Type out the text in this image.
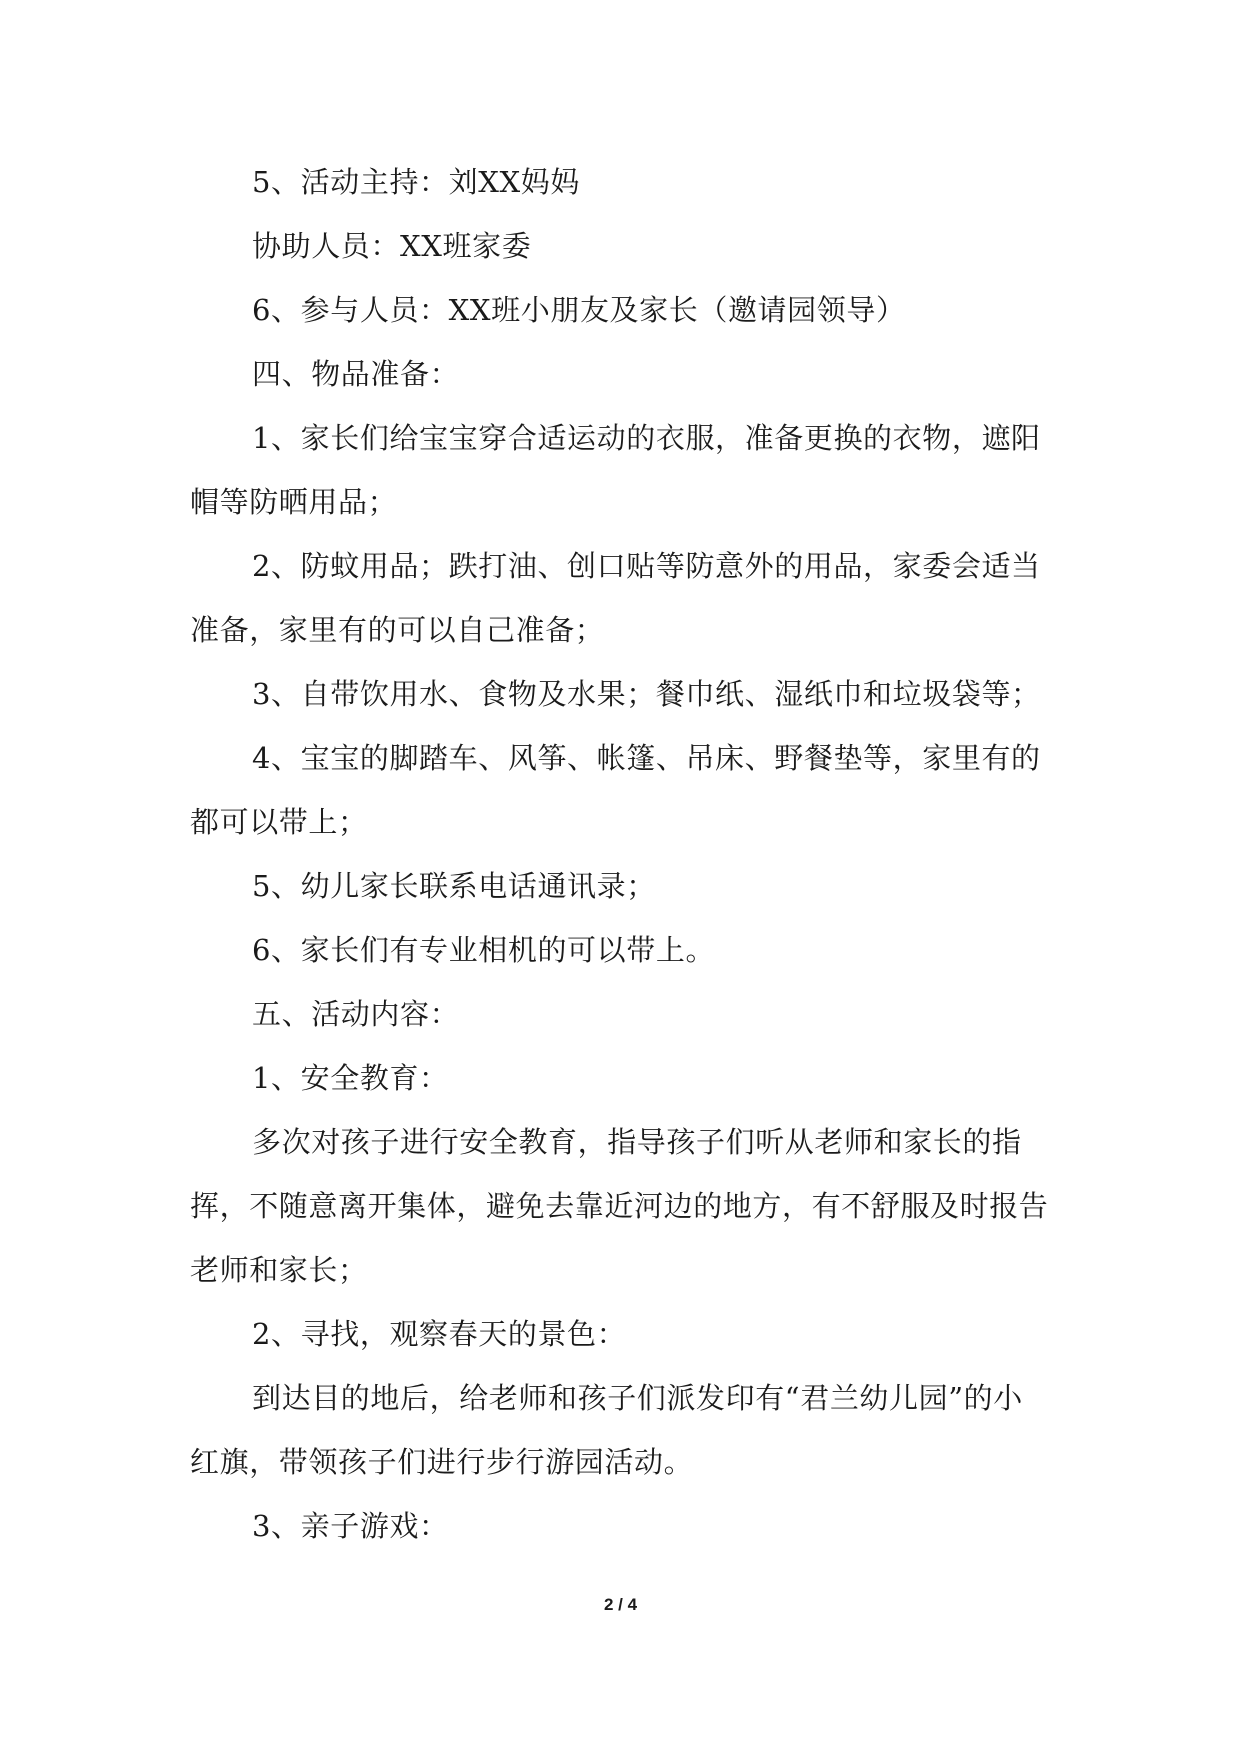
5、活动主持：刘XX妈妈

协助人员：XX班家委

6、参与人员：XX班小朋友及家长（邀请园领导）

四、物品准备：

1、家长们给宝宝穿合适运动的衣服，准备更换的衣物，遮阳帽等防晒用品；

2、防蚊用品；跌打油、创口贴等防意外的用品，家委会适当准备，家里有的可以自己准备；

3、自带饮用水、食物及水果；餐巾纸、湿纸巾和垃圾袋等；

4、宝宝的脚踏车、风筝、帐篷、吊床、野餐垫等，家里有的都可以带上；

5、幼儿家长联系电话通讯录；

6、家长们有专业相机的可以带上。

五、活动内容：

1、安全教育：

多次对孩子进行安全教育，指导孩子们听从老师和家长的指挥，不随意离开集体，避免去靠近河边的地方，有不舒服及时报告老师和家长；

2、寻找，观察春天的景色：

到达目的地后，给老师和孩子们派发印有“君兰幼儿园”的小红旗，带领孩子们进行步行游园活动。

3、亲子游戏：

2 / 4
